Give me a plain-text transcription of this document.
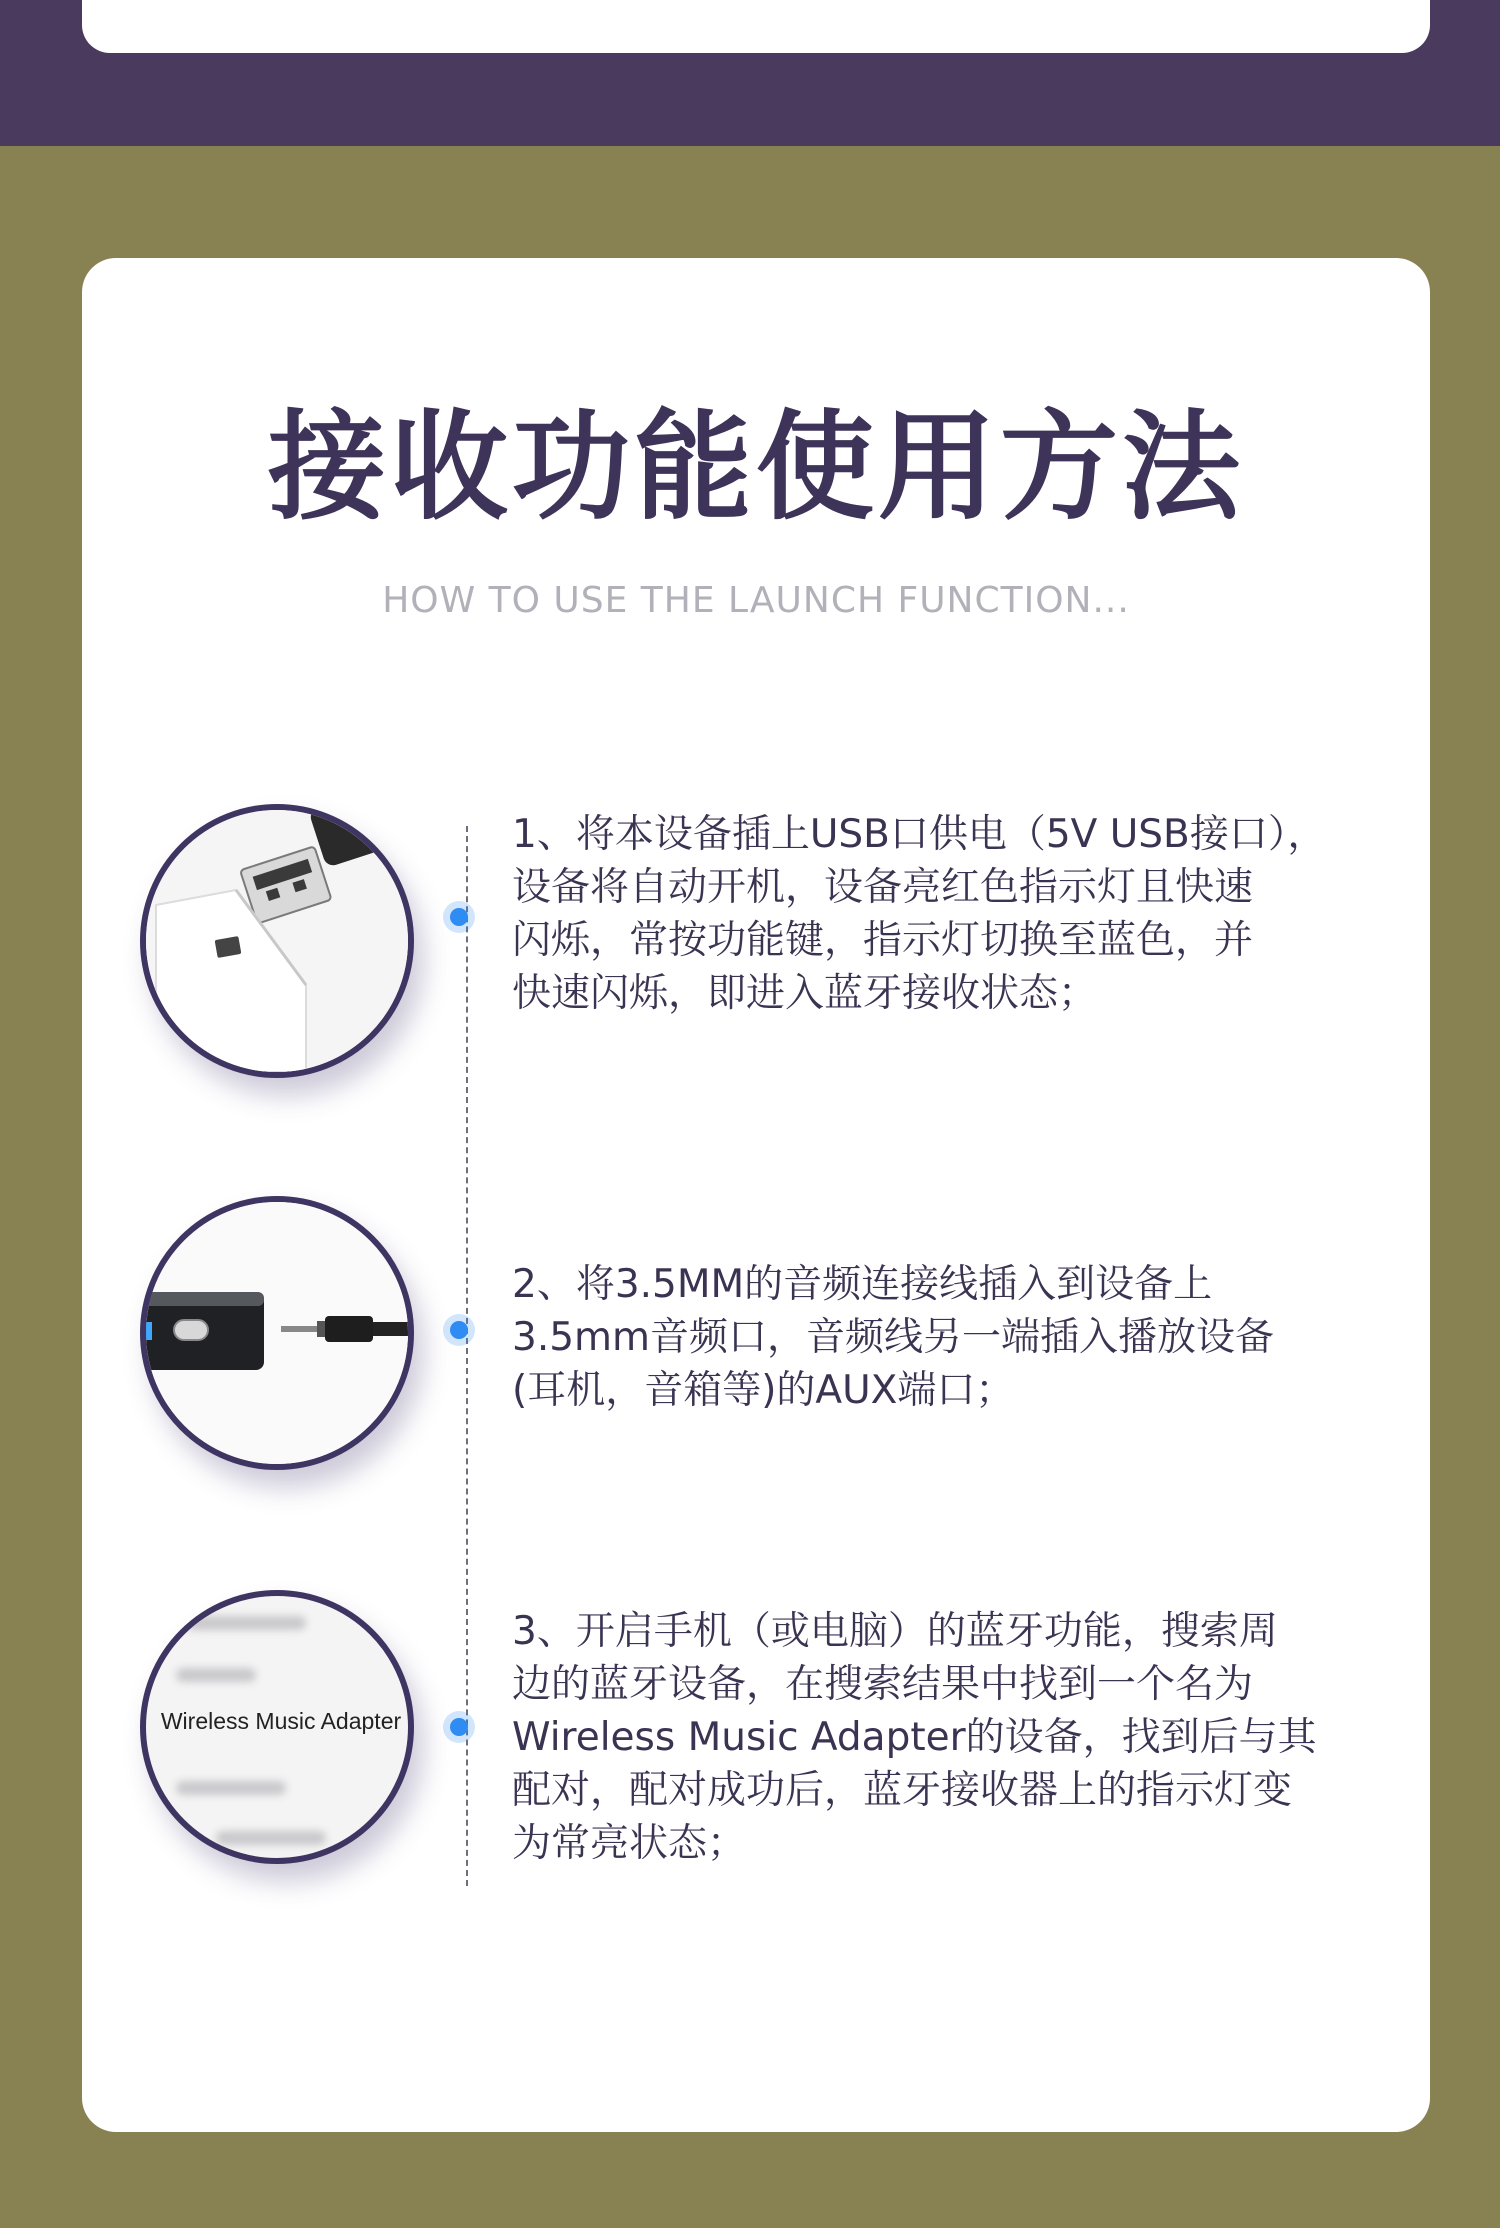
接收功能使用方法
HOW TO USE THE LAUNCH FUNCTION...
1、将本设备插上USB口供电（5V USB接口），
设备将自动开机，设备亮红色指示灯且快速
闪烁，常按功能键，指示灯切换至蓝色，并
快速闪烁，即进入蓝牙接收状态；
2、将3.5MM的音频连接线插入到设备上
3.5mm音频口，音频线另一端插入播放设备
(耳机，音箱等)的AUX端口；
Wireless Music Adapter
3、开启手机（或电脑）的蓝牙功能，搜索周
边的蓝牙设备，在搜索结果中找到一个名为
Wireless Music Adapter的设备，找到后与其
配对，配对成功后，蓝牙接收器上的指示灯变
为常亮状态；
